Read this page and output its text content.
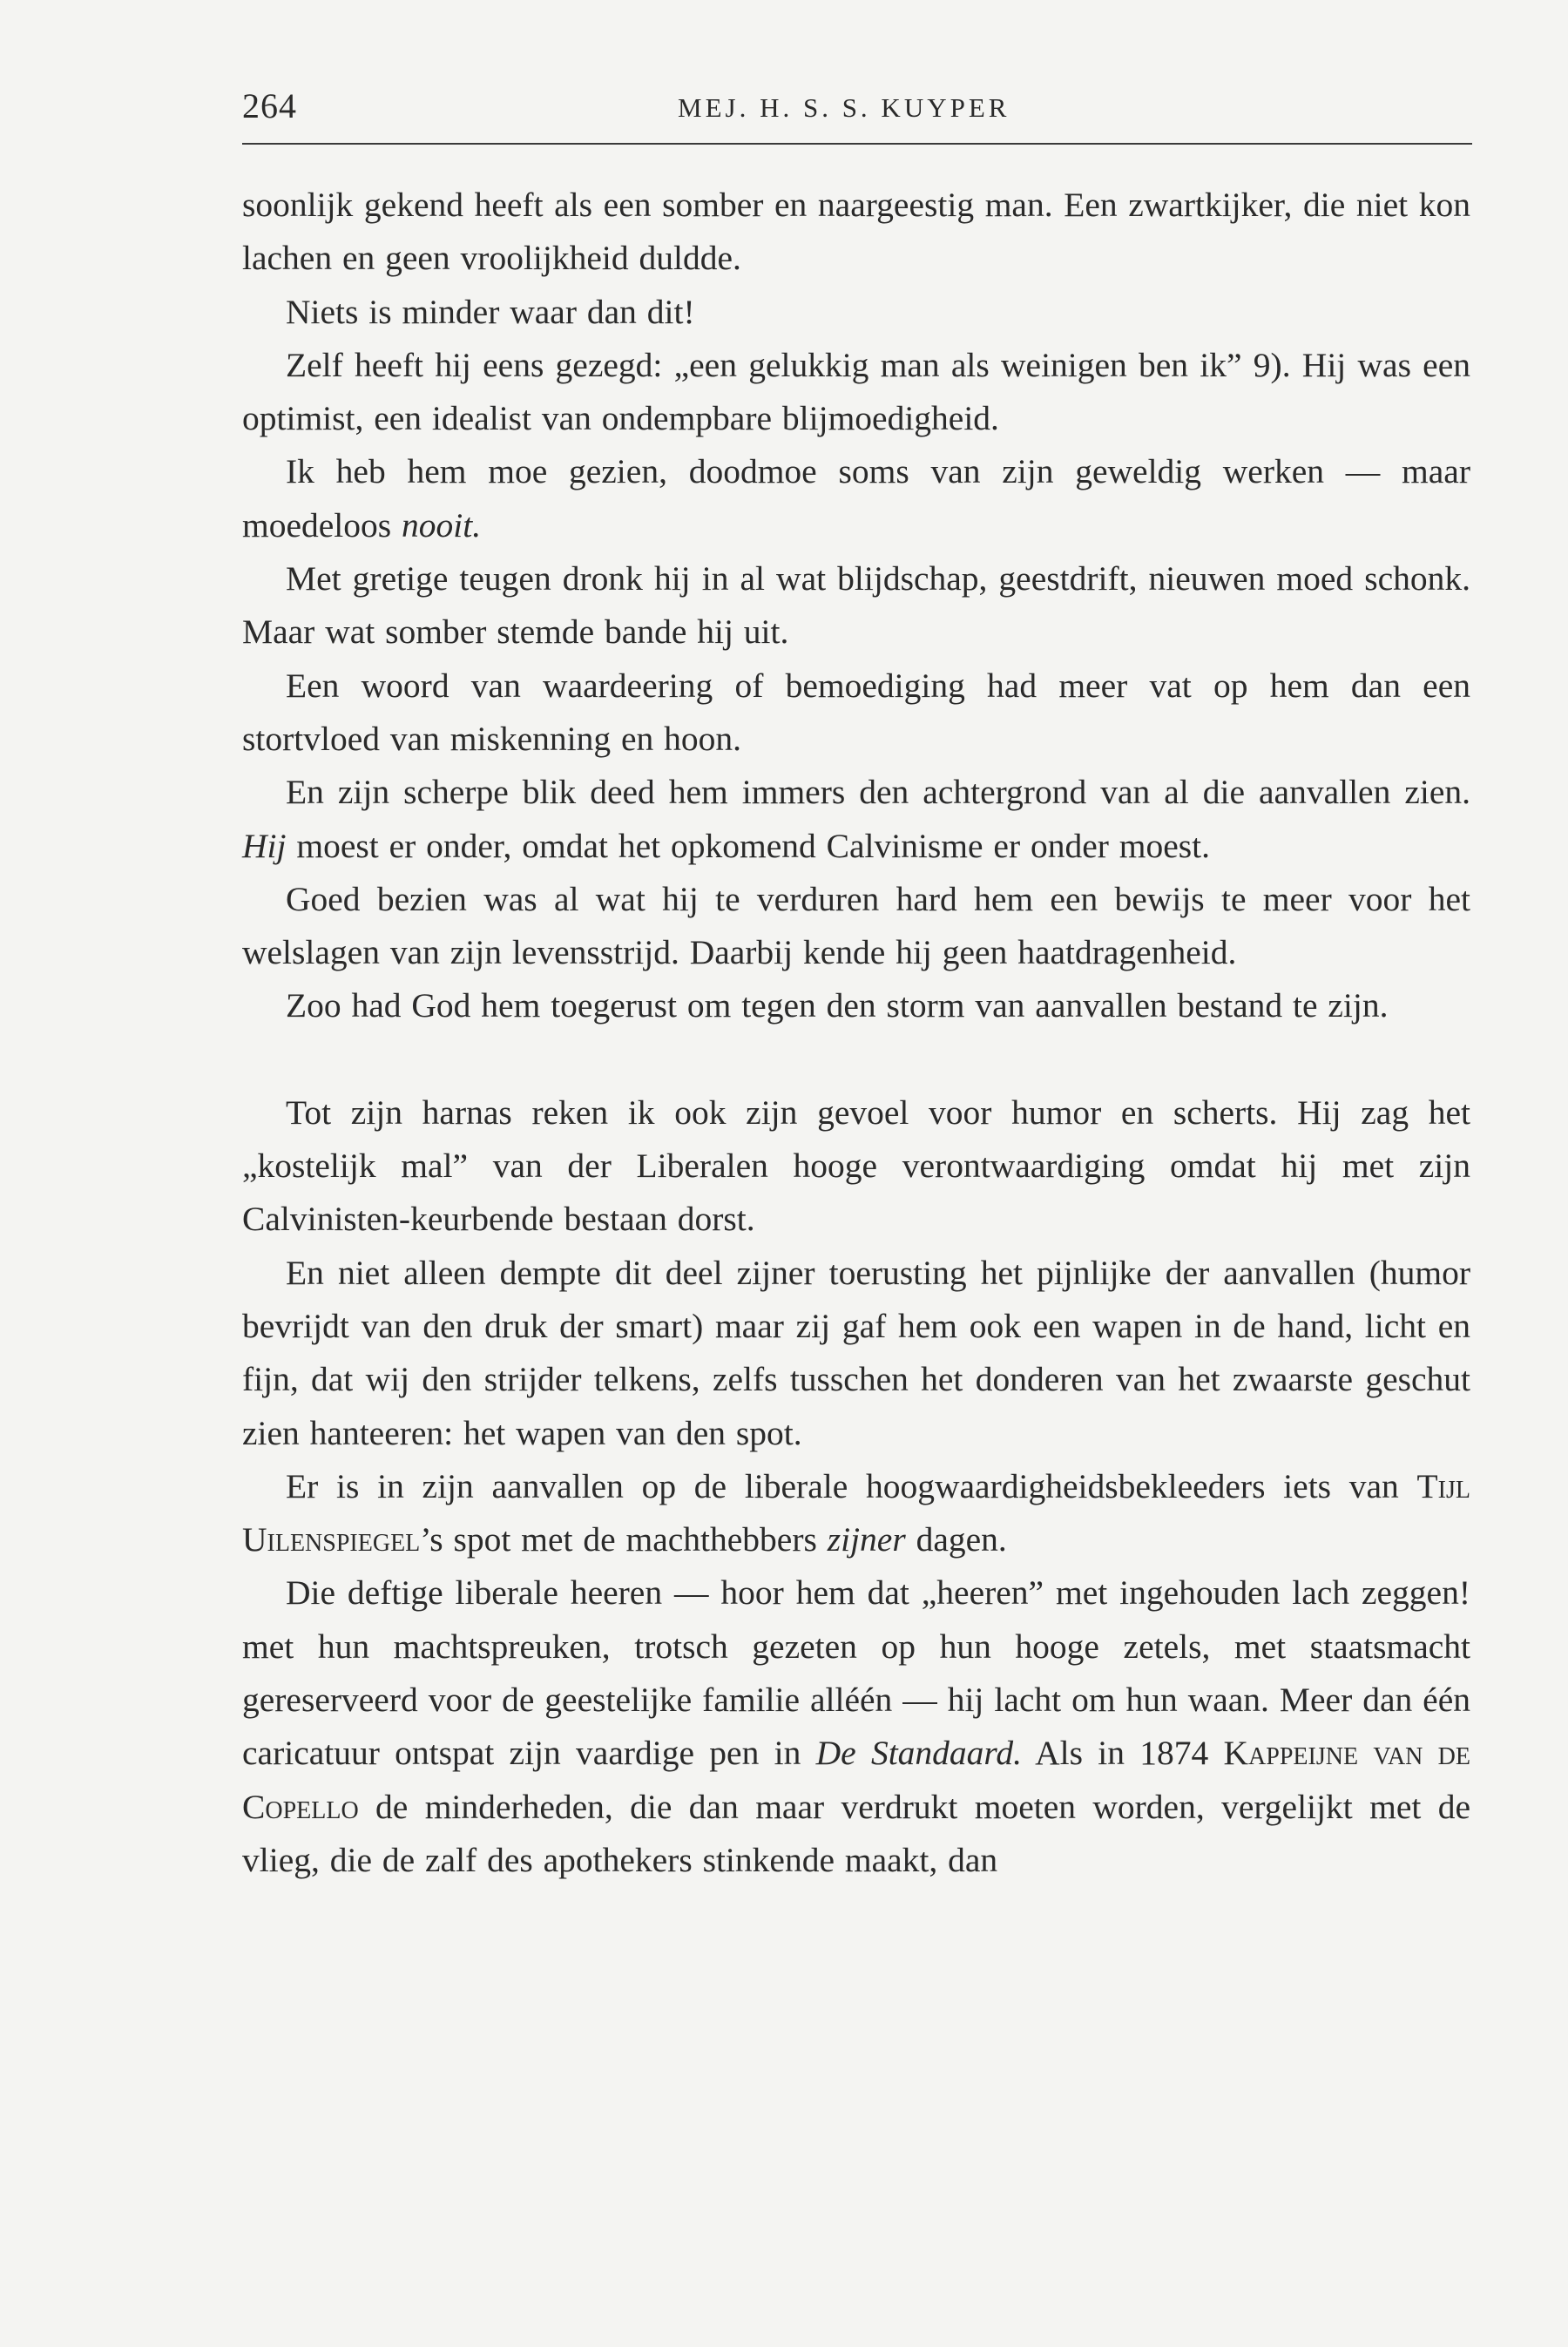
264	MEJ. H. S. S. KUYPER

soonlijk gekend heeft als een somber en naargeestig man. Een zwartkijker, die niet kon lachen en geen vroolijkheid duldde.

Niets is minder waar dan dit!

Zelf heeft hij eens gezegd: „een gelukkig man als weinigen ben ik” 9). Hij was een optimist, een idealist van ondempbare blijmoedigheid.

Ik heb hem moe gezien, doodmoe soms van zijn geweldig werken — maar moedeloos nooit.

Met gretige teugen dronk hij in al wat blijdschap, geestdrift, nieuwen moed schonk. Maar wat somber stemde bande hij uit.

Een woord van waardeering of bemoediging had meer vat op hem dan een stortvloed van miskenning en hoon.

En zijn scherpe blik deed hem immers den achtergrond van al die aanvallen zien. Hij moest er onder, omdat het opkomend Calvinisme er onder moest.

Goed bezien was al wat hij te verduren hard hem een bewijs te meer voor het welslagen van zijn levensstrijd. Daarbij kende hij geen haatdragenheid.

Zoo had God hem toegerust om tegen den storm van aanvallen bestand te zijn.

Tot zijn harnas reken ik ook zijn gevoel voor humor en scherts. Hij zag het „kostelijk mal” van der Liberalen hooge verontwaardiging omdat hij met zijn Calvinisten-keurbende bestaan dorst.

En niet alleen dempte dit deel zijner toerusting het pijnlijke der aanvallen (humor bevrijdt van den druk der smart) maar zij gaf hem ook een wapen in de hand, licht en fijn, dat wij den strijder telkens, zelfs tusschen het donderen van het zwaarste geschut zien hanteeren: het wapen van den spot.

Er is in zijn aanvallen op de liberale hoogwaardigheidsbekleeders iets van Tijl Uilenspiegel’s spot met de machthebbers zijner dagen.

Die deftige liberale heeren — hoor hem dat „heeren” met ingehouden lach zeggen! met hun machtspreuken, trotsch gezeten op hun hooge zetels, met staatsmacht gereserveerd voor de geestelijke familie alléén — hij lacht om hun waan. Meer dan één caricatuur ontspat zijn vaardige pen in De Standaard. Als in 1874 Kappeijne van de Copello de minderheden, die dan maar verdrukt moeten worden, vergelijkt met de vlieg, die de zalf des apothekers stinkende maakt, dan
